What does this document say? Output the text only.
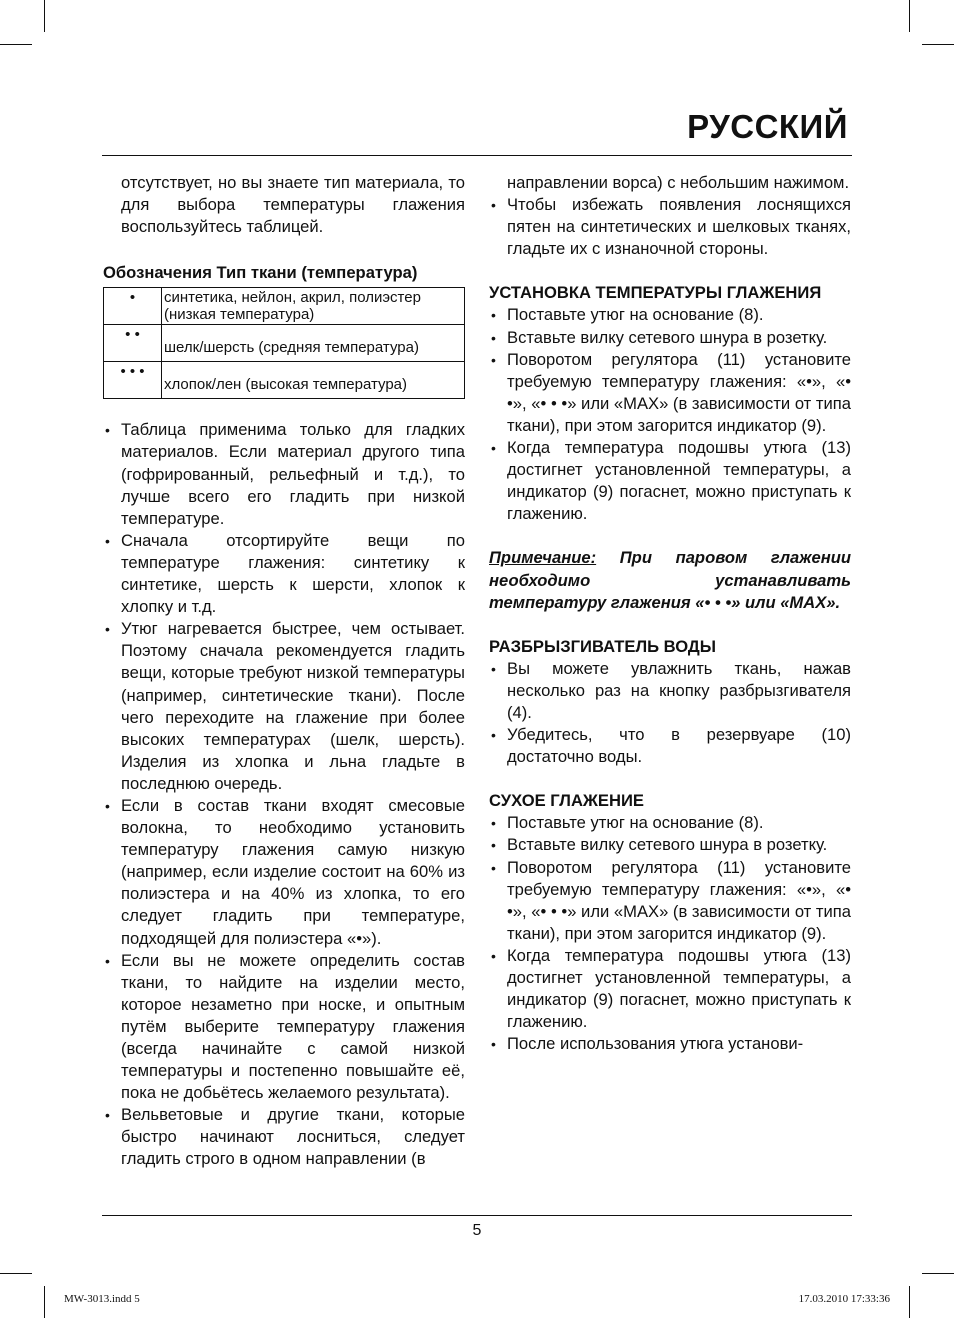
РУССКИЙ

отсутствует, но вы знаете тип материала, то для выбора температуры глажения воспользуйтесь таблицей.

Обозначения Тип ткани (температура)

•	синтетика, нейлон, акрил, полиэстер (низкая температура)
• •	шелк/шерсть (средняя температура)
• • •	хлопок/лен (высокая температура)
• Таблица применима только для гладких материалов. Если материал другого типа (гофрированный, рельефный и т.д.), то лучше всего его гладить при низкой температуре.
• Сначала отсортируйте вещи по температуре глажения: синтетику к синтетике, шерсть к шерсти, хлопок к хлопку и т.д.
• Утюг нагревается быстрее, чем остывает. Поэтому сначала рекомендуется гладить вещи, которые требуют низкой температуры (например, синтетические ткани). После чего переходите на глажение при более высоких температурах (шелк, шерсть). Изделия из хлопка и льна гладьте в последнюю очередь.
• Если в состав ткани входят смесовые волокна, то необходимо установить температуру глажения самую низкую (например, если изделие состоит на 60% из полиэстера и на 40% из хлопка, то его следует гладить при температуре, подходящей для полиэстера «•»).
• Если вы не можете определить состав ткани, то найдите на изделии место, которое незаметно при носке, и опытным путём выберите температуру глажения (всегда начинайте с самой низкой температуры и постепенно повышайте её, пока не добьётесь желаемого результата).
• Вельветовые и другие ткани, которые быстро начинают лосниться, следует гладить строго в одном направлении (в

направлении ворса) с небольшим нажимом.

• Чтобы избежать появления лоснящихся пятен на синтетических и шелковых тканях, гладьте их с изнаночной стороны.

УСТАНОВКА ТЕМПЕРАТУРЫ ГЛАЖЕНИЯ

• Поставьте утюг на основание (8).
• Вставьте вилку сетевого шнура в розетку.
• Поворотом регулятора (11) установите требуемую температуру глажения: «•», «• •», «• • •» или «MAX» (в зависимости от типа ткани), при этом загорится индикатор (9).
• Когда температура подошвы утюга (13) достигнет установленной температуры, а индикатор (9) погаснет, можно приступать к глажению.

Примечание: При паровом глажении необходимо устанавливать температуру глажения «• • •» или «MAX».

РАЗБРЫЗГИВАТЕЛЬ ВОДЫ

• Вы можете увлажнить ткань, нажав несколько раз на кнопку разбрызгивателя (4).
• Убедитесь, что в резервуаре (10) достаточно воды.

СУХОЕ ГЛАЖЕНИЕ

• Поставьте утюг на основание (8).
• Вставьте вилку сетевого шнура в розетку.
• Поворотом регулятора (11) установите требуемую температуру глажения: «•», «• •», «• • •» или «MAX» (в зависимости от типа ткани), при этом загорится индикатор (9).
• Когда температура подошвы утюга (13) достигнет установленной температуры, а индикатор (9) погаснет, можно приступать к глажению.
• После использования утюга установи-
5
MW-3013.indd 5	17.03.2010 17:33:36
